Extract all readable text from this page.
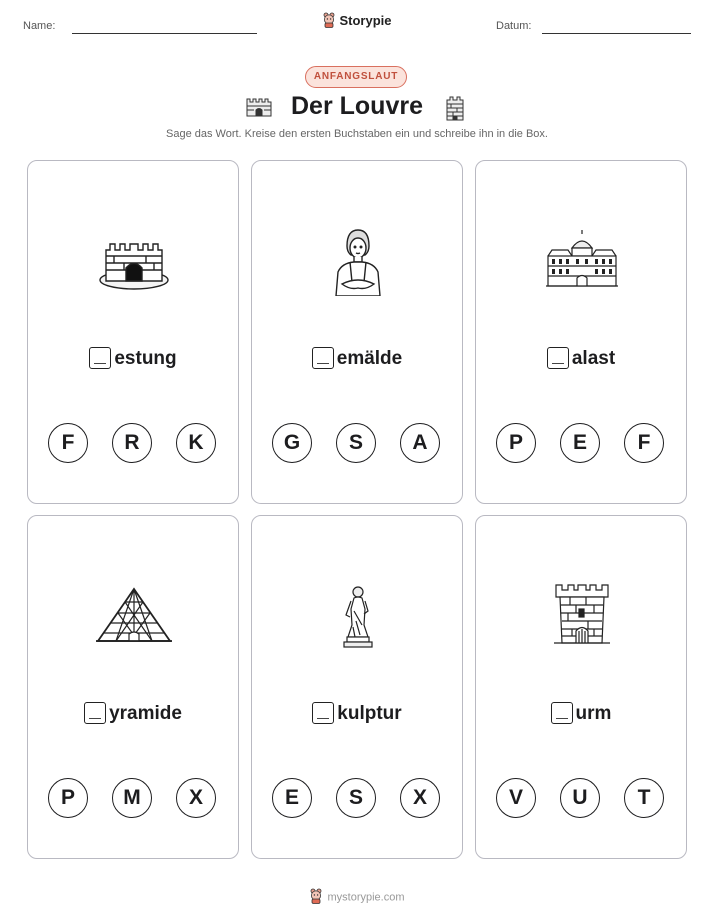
Name:	Storypie	Datum:
ANFANGSLAUT
Der Louvre
Sage das Wort. Kreise den ersten Buchstaben ein und schreibe ihn in die Box.
estung
F	R	K
emälde
G	S	A
alast
P	E	F
yramide
P	M	X
kulptur
E	S	X
urm
V	U	T
mystorypie.com
